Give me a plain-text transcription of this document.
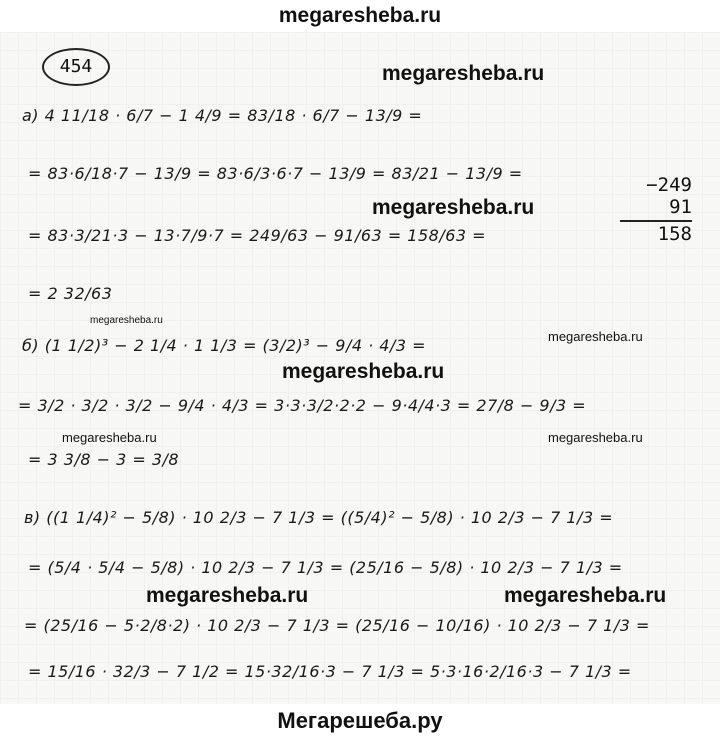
megaresheba.ru
454	megaresheba.ru
а) 4 11/18 · 6/7 − 1 4/9 = 83/18 · 6/7 − 13/9 =
= 83·6/18·7 − 13/9 = 83·6/3·6·7 − 13/9 = 83/21 − 13/9 =
megaresheba.ru
= 83·3/21·3 − 13·7/9·7 = 249/63 − 91/63 = 158/63 =
−249
91
158
= 2 32/63
megaresheba.ru
megaresheba.ru
б) (1 1/2)³ − 2 1/4 · 1 1/3 = (3/2)³ − 9/4 · 4/3 =
megaresheba.ru
= 3/2 · 3/2 · 3/2 − 9/4 · 4/3 = 3·3·3/2·2·2 − 9·4/4·3 = 27/8 − 9/3 =
megaresheba.ru	megaresheba.ru
= 3 3/8 − 3 = 3/8
в) ((1 1/4)² − 5/8) · 10 2/3 − 7 1/3 = ((5/4)² − 5/8) · 10 2/3 − 7 1/3 =
= (5/4 · 5/4 − 5/8) · 10 2/3 − 7 1/3 = (25/16 − 5/8) · 10 2/3 − 7 1/3 =
megaresheba.ru	megaresheba.ru
= (25/16 − 5·2/8·2) · 10 2/3 − 7 1/3 = (25/16 − 10/16) · 10 2/3 − 7 1/3 =
= 15/16 · 32/3 − 7 1/2 = 15·32/16·3 − 7 1/3 = 5·3·16·2/16·3 − 7 1/3 =
Мегарешеба.ру
